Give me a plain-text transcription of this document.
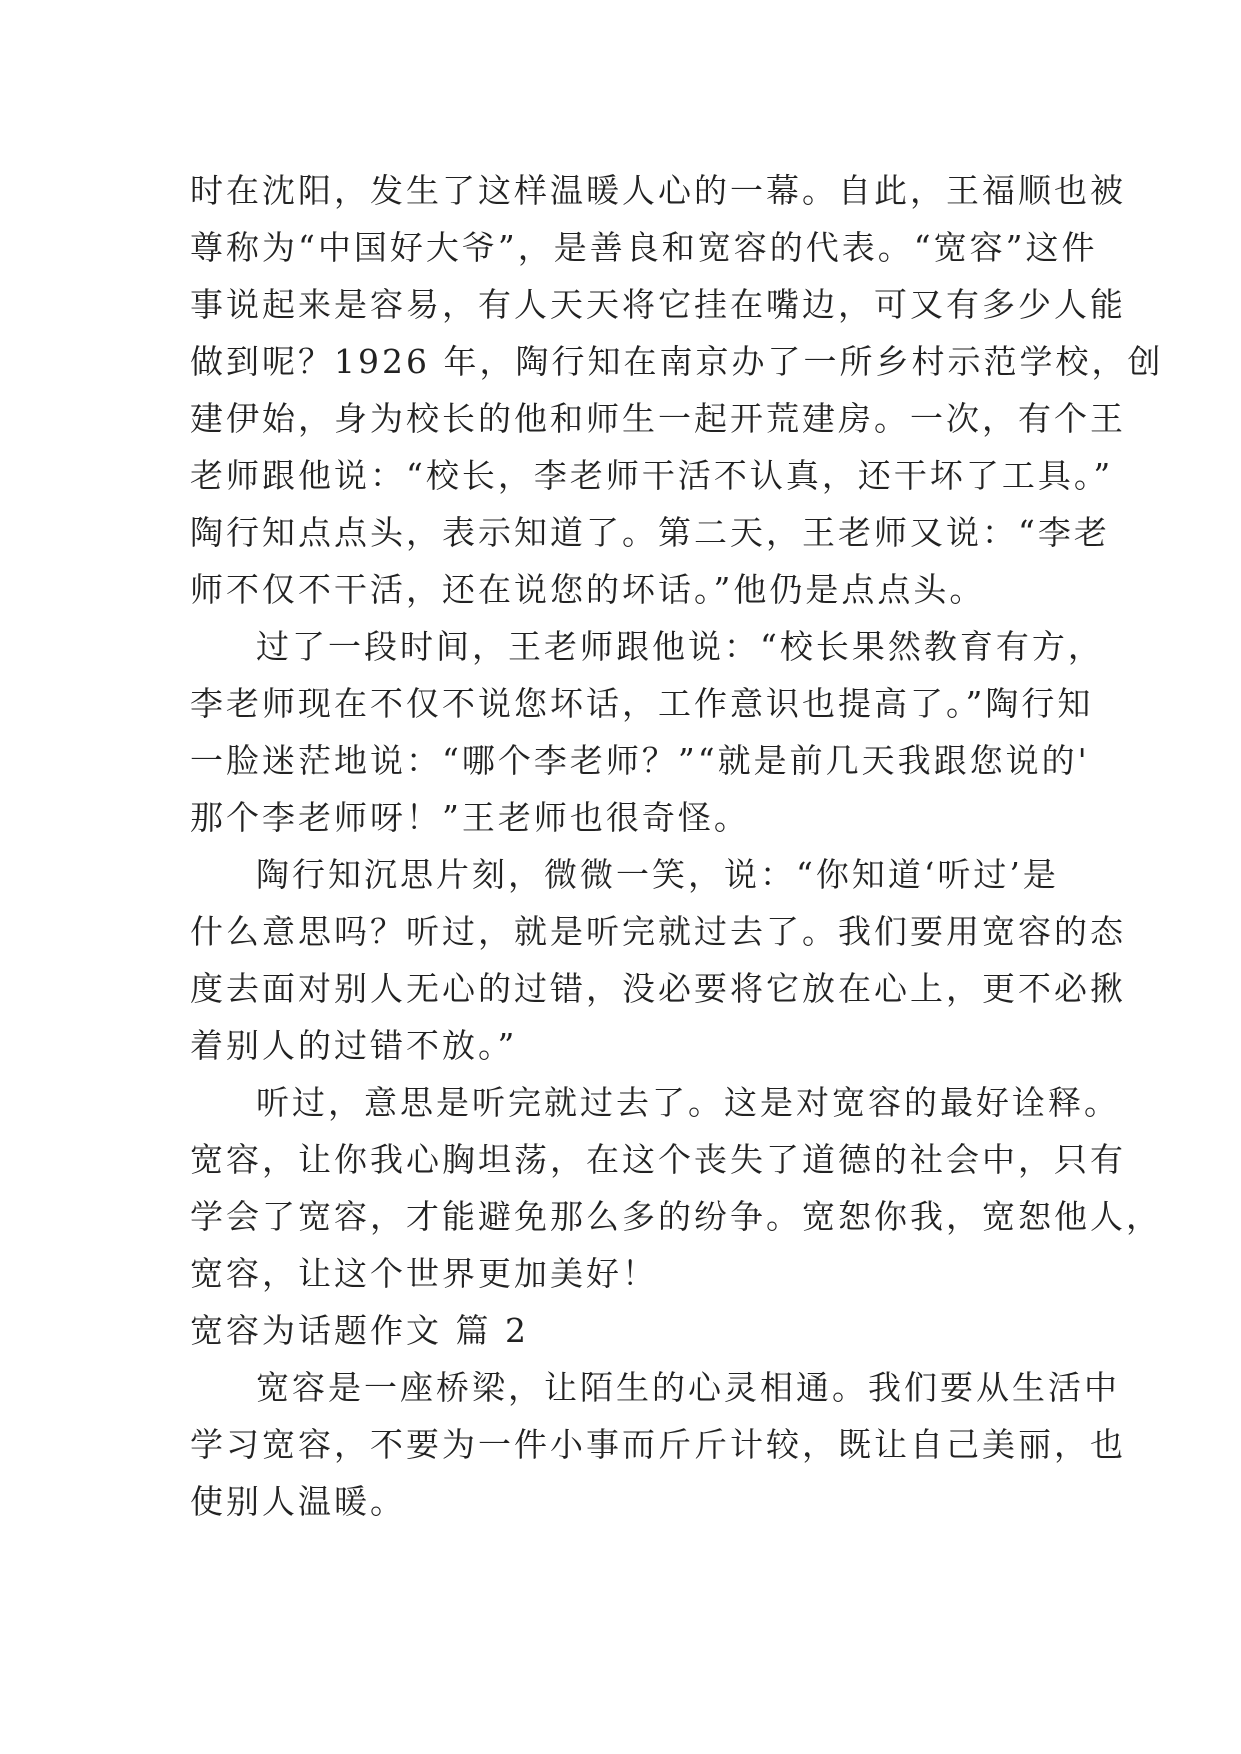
时在沈阳，发生了这样温暖人心的一幕。自此，王福顺也被
尊称为“中国好大爷”，是善良和宽容的代表。“宽容”这件
事说起来是容易，有人天天将它挂在嘴边，可又有多少人能
做到呢？1926 年，陶行知在南京办了一所乡村示范学校，创
建伊始，身为校长的他和师生一起开荒建房。一次，有个王
老师跟他说：“校长，李老师干活不认真，还干坏了工具。”
陶行知点点头，表示知道了。第二天，王老师又说：“李老
师不仅不干活，还在说您的坏话。”他仍是点点头。
过了一段时间，王老师跟他说：“校长果然教育有方，
李老师现在不仅不说您坏话，工作意识也提高了。”陶行知
一脸迷茫地说：“哪个李老师？”“就是前几天我跟您说的'
那个李老师呀！”王老师也很奇怪。
陶行知沉思片刻，微微一笑，说：“你知道‘听过’是
什么意思吗？听过，就是听完就过去了。我们要用宽容的态
度去面对别人无心的过错，没必要将它放在心上，更不必揪
着别人的过错不放。”
听过，意思是听完就过去了。这是对宽容的最好诠释。
宽容，让你我心胸坦荡，在这个丧失了道德的社会中，只有
学会了宽容，才能避免那么多的纷争。宽恕你我，宽恕他人，
宽容，让这个世界更加美好！
宽容为话题作文 篇 2
宽容是一座桥梁，让陌生的心灵相通。我们要从生活中
学习宽容，不要为一件小事而斤斤计较，既让自己美丽，也
使别人温暖。
